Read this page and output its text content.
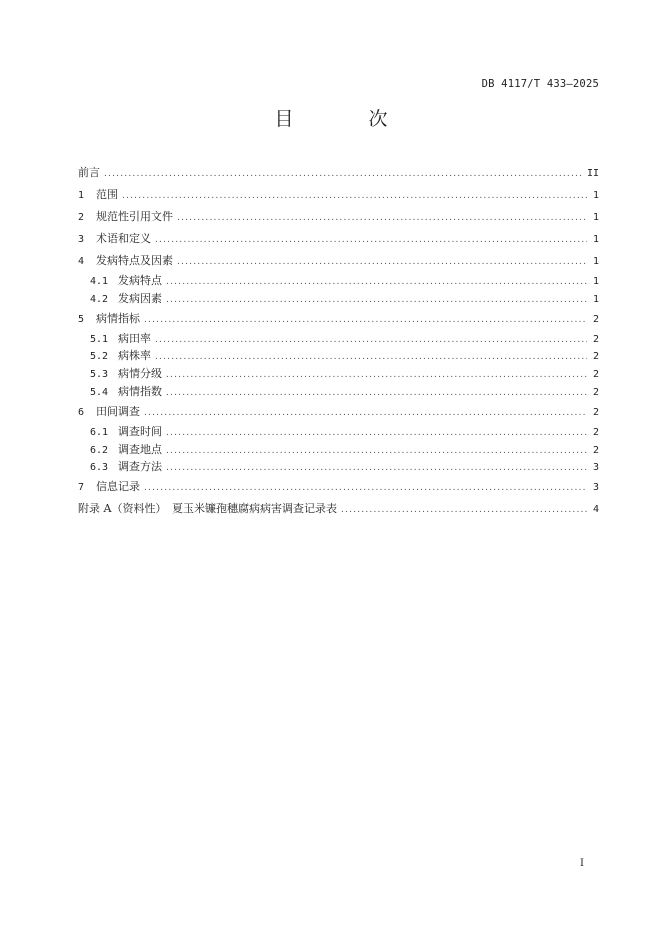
DB 4117/T 433—2025
目　次
前言 .....	II
1	范围 .....	1
2	规范性引用文件 .....	1
3	术语和定义 .....	1
4	发病特点及因素 .....	1
4.1 发病特点 .....	1
4.2 发病因素 .....	1
5	病情指标 .....	2
5.1 病田率 .....	2
5.2 病株率 .....	2
5.3 病情分级 .....	2
5.4 病情指数 .....	2
6	田间调查 .....	2
6.1 调查时间 .....	2
6.2 调查地点 .....	2
6.3 调查方法 .....	3
7	信息记录 .....	3
附录 A（资料性）　夏玉米镰孢穗腐病病害调查记录表 .....	4
I
